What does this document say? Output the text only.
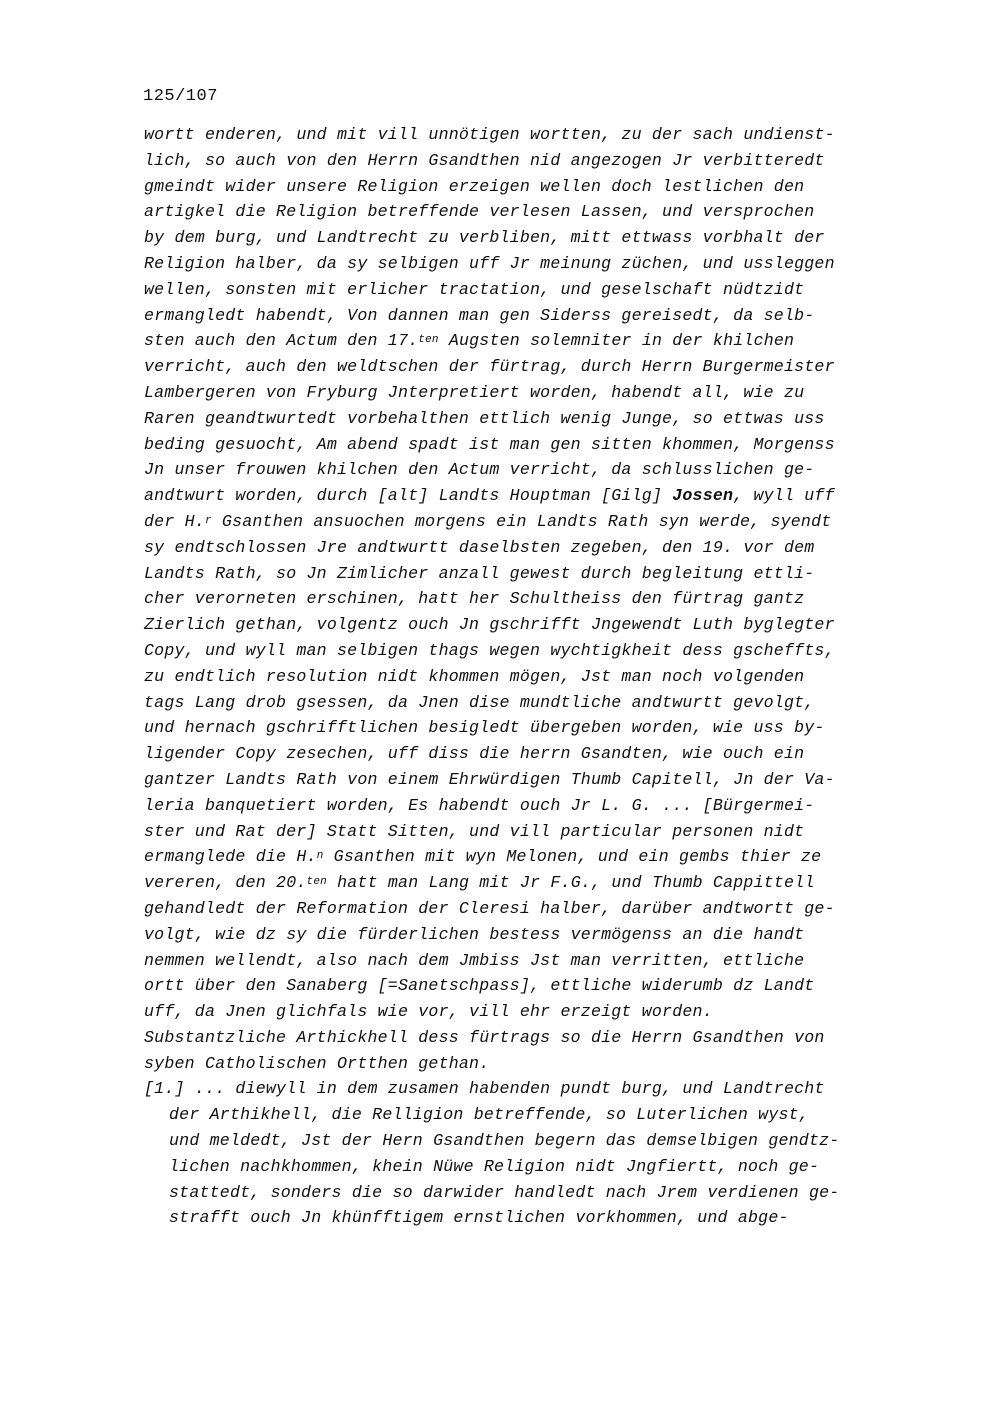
125/107
wortt enderen, und mit vill unnötigen wortten, zu der sach undienst-
lich, so auch von den Herrn Gsandthen nid angezogen Jr verbitteredt
gmeindt wider unsere Religion erzeigen wellen doch lestlichen den
artigkel die Religion betreffende verlesen Lassen, und versprochen
by dem burg, und Landtrecht zu verbliben, mitt ettwass vorbhalt der
Religion halber, da sy selbigen uff Jr meinung züchen, und ussleggen
wellen, sonsten mit erlicher tractation, und geselschaft nüdtzidt
ermangledt habendt, Von dannen man gen Siderss gereisedt, da selb-
sten auch den Actum den 17.$^{ten}$ Augsten solemniter in der khilchen
verricht, auch den weldtschen der fürtrag, durch Herrn Burgermeister
Lambergeren von Fryburg Jnterpretiert worden, habendt all, wie zu
Raren geandtwurtedt vorbehalthen ettlich wenig Junge, so ettwas uss
beding gesuocht, Am abend spadt ist man gen sitten khommen, Morgenss
Jn unser frouwen khilchen den Actum verricht, da schlusslichen ge-
andtwurt worden, durch [alt] Landts Houptman [Gilg] Jossen, wyll uff
der H.$^r$ Gsanthen ansuochen morgens ein Landts Rath syn werde, syendt
sy endtschlossen Jre andtwurtt daselbsten zegeben, den 19. vor dem
Landts Rath, so Jn Zimlicher anzall gewest durch begleitung ettli-
cher verorneten erschinen, hatt her Schultheiss den fürtrag gantz
Zierlich gethan, volgentz ouch Jn gschrifft Jngewendt Luth byglegter
Copy, und wyll man selbigen thags wegen wychtigkheit dess gscheffts,
zu endtlich resolution nidt khommen mögen, Jst man noch volgenden
tags Lang drob gsessen, da Jnen dise mundtliche andtwurtt gevolgt,
und hernach gschrifftlichen besigledt übergeben worden, wie uss by-
ligender Copy zesechen, uff diss die herrn Gsandten, wie ouch ein
gantzer Landts Rath von einem Ehrwürdigen Thumb Capitell, Jn der Va-
leria banquetiert worden, Es habendt ouch Jr L. G. ... [Bürgermei-
ster und Rat der] Statt Sitten, und vill particular personen nidt
ermanglede die H.$^n$ Gsanthen mit wyn Melonen, und ein gembs thier ze
vereren, den 20.$^{ten}$ hatt man Lang mit Jr F.G., und Thumb Cappittell
gehandledt der Reformation der Cleresi halber, darüber andtwortt ge-
volgt, wie dz sy die fürderlichen bestess vermögenss an die handt
nemmen wellendt, also nach dem Jmbiss Jst man verritten, ettliche
ortt über den Sanaberg [=Sanetschpass], ettliche widerumb dz Landt
uff, da Jnen glichfals wie vor, vill ehr erzeigt worden.
Substantzliche Arthickhell dess fürtrags so die Herrn Gsandthen von
syben Catholischen Ortthen gethan.
[1.] ... diewyll in dem zusamen habenden pundt burg, und Landtrecht
der Arthikhell, die Relligion betreffende, so Luterlichen wyst,
und meldedt, Jst der Hern Gsandthen begern das demselbigen gendtz-
lichen nachkhommen, khein Nüwe Religion nidt Jngfiertt, noch ge-
stattedt, sonders die so darwider handledt nach Jrem verdienen ge-
strafft ouch Jn khünfftigem ernstlichen vorkhommen, und abge-
